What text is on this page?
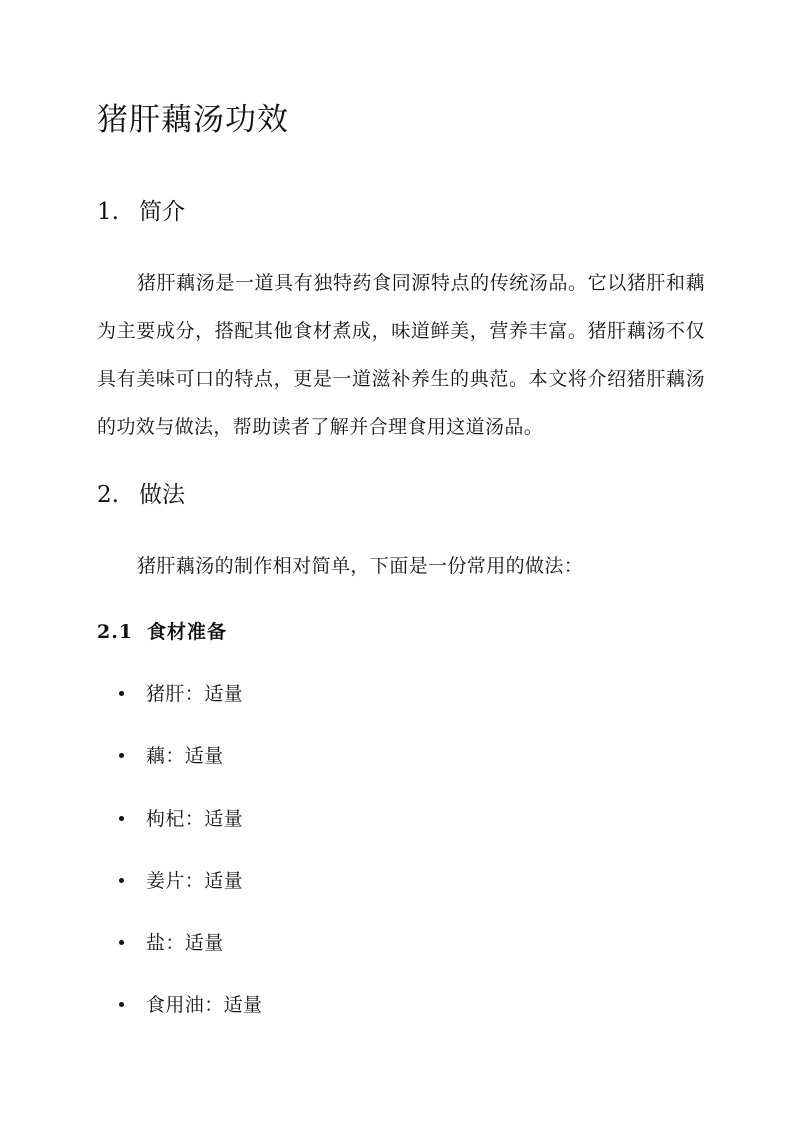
猪肝藕汤功效
1. 简介

猪肝藕汤是一道具有独特药食同源特点的传统汤品。它以猪肝和藕为主要成分，搭配其他食材煮成，味道鲜美，营养丰富。猪肝藕汤不仅具有美味可口的特点，更是一道滋补养生的典范。本文将介绍猪肝藕汤的功效与做法，帮助读者了解并合理食用这道汤品。

2. 做法

猪肝藕汤的制作相对简单，下面是一份常用的做法：

2.1 食材准备
猪肝：适量
藕：适量
枸杞：适量
姜片：适量
盐：适量
食用油：适量
